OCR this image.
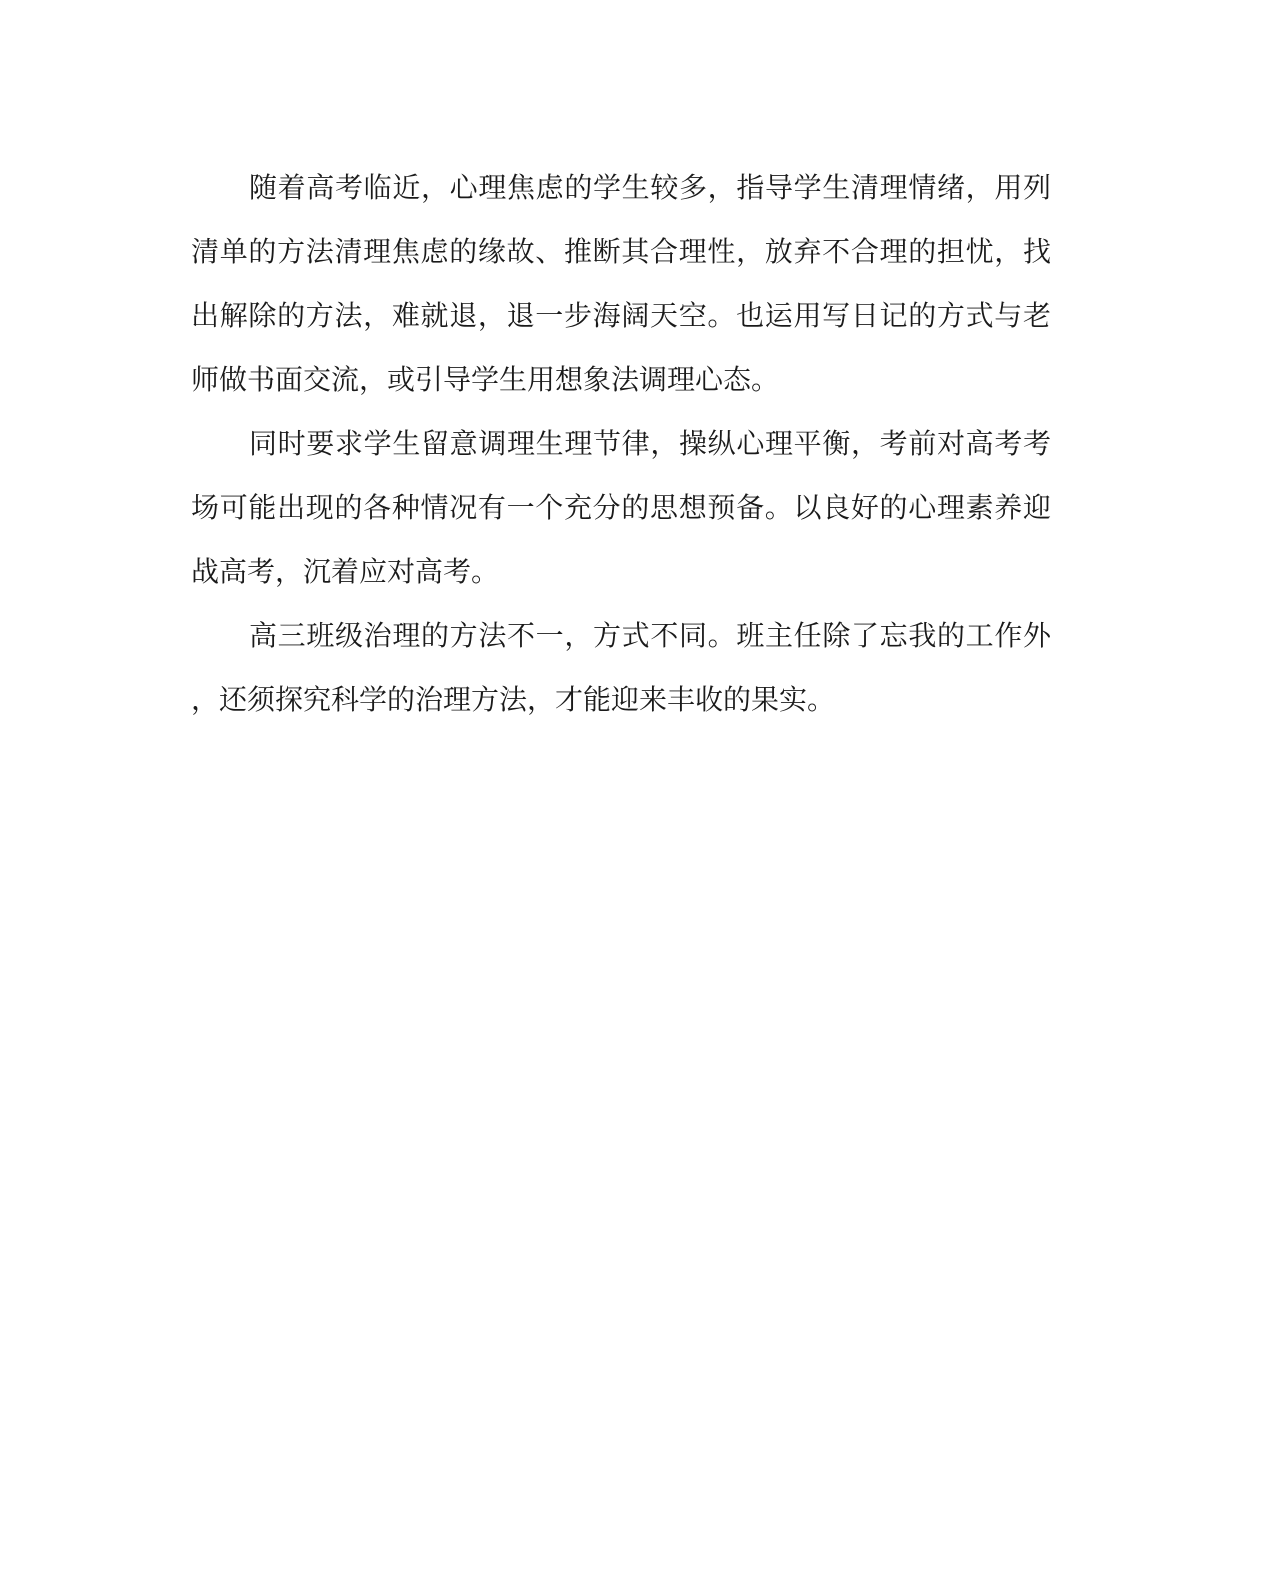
随着高考临近，心理焦虑的学生较多，指导学生清理情绪，用列
清单的方法清理焦虑的缘故、推断其合理性，放弃不合理的担忧，找
出解除的方法，难就退，退一步海阔天空。也运用写日记的方式与老
师做书面交流，或引导学生用想象法调理心态。
同时要求学生留意调理生理节律，操纵心理平衡，考前对高考考
场可能出现的各种情况有一个充分的思想预备。以良好的心理素养迎
战高考，沉着应对高考。
高三班级治理的方法不一，方式不同。班主任除了忘我的工作外
，还须探究科学的治理方法，才能迎来丰收的果实。
